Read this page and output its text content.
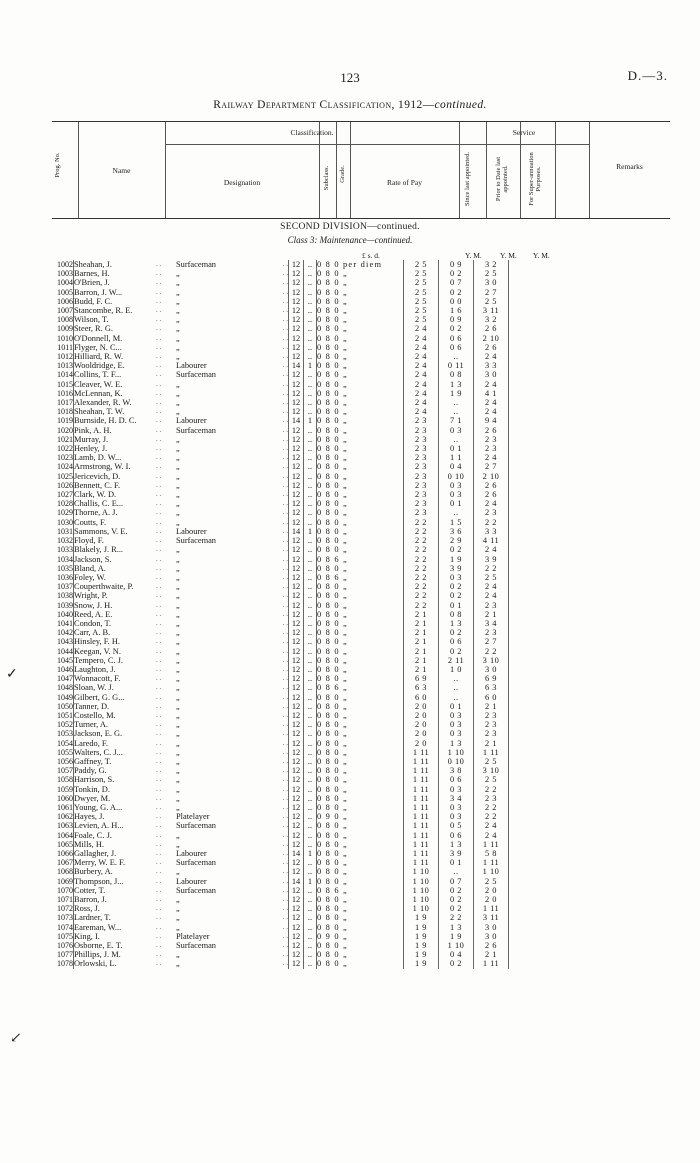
123	D.—3.
Railway Department Classification, 1912—continued.
Prog. No.	Name
Classification.
Designation	Subclass. Grade.	Rate of Pay
Service
Since last appointed.	Prior to Date last appointed.	For Super-annuation Purposes.	Remarks
SECOND DIVISION—continued.
Class 3: Maintenance—continued.
£ s. d.	Y. M. Y. M. Y. M.
1002	Sheahan, J.	. .	Surfaceman	. .	12	..	0 8 0 per diem	2 5	0 9	3 2	
1003	Barnes, H.	. .	„	. .	12	..	0 8 0 „	2 5	0 2	2 5	
1004	O'Brien, J.	. .	„	. .	12	..	0 8 0 „	2 5	0 7	3 0	
1005	Barron, J. W...	. .	„	. .	12	..	0 8 0 „	2 5	0 2	2 7	
1006	Budd, F. C.	. .	„	. .	12	..	0 8 0 „	2 5	0 0	2 5	
1007	Stancombe, R. E.	. .	„	. .	12	..	0 8 0 „	2 5	1 6	3 11	
1008	Wilson, T.	. .	„	. .	12	..	0 8 0 „	2 5	0 9	3 2	
1009	Steer, R. G.	. .	„	. .	12	..	0 8 0 „	2 4	0 2	2 6	
1010	O'Donnell, M.	. .	„	. .	12	..	0 8 0 „	2 4	0 6	2 10	
1011	Flyger, N. C...	. .	„	. .	12	..	0 8 0 „	2 4	0 6	2 6	
1012	Hilliard, R. W.	. .	„	. .	12	..	0 8 0 „	2 4	..	2 4	
1013	Wooldridge, E.	. .	Labourer	. .	14	1	0 8 0 „	2 4	0 11	3 3	
1014	Collins, T. F...	. .	Surfaceman	. .	12	..	0 8 0 „	2 4	0 8	3 0	
1015	Cleaver, W. E.	. .	„	. .	12	..	0 8 0 „	2 4	1 3	2 4	
1016	McLennan, K.	. .	„	. .	12	..	0 8 0 „	2 4	1 9	4 1	
1017	Alexander, R. W.	. .	„	. .	12	..	0 8 0 „	2 4	..	2 4	
1018	Sheahan, T. W.	. .	„	. .	12	..	0 8 0 „	2 4	..	2 4	
1019	Burnside, H. D. C.	. .	Labourer	. .	14	1	0 8 0 „	2 3	7 1	9 4	
1020	Pink, A. H.	. .	Surfaceman	. .	12	..	0 8 0 „	2 3	0 3	2 6	
1021	Murray, J.	. .	„	. .	12	..	0 8 0 „	2 3	..	2 3	
1022	Henley, J.	. .	„	. .	12	..	0 8 0 „	2 3	0 1	2 3	
1023	Lamb, D. W...	. .	„	. .	12	..	0 8 0 „	2 3	1 1	2 4	
1024	Armstrong, W. I.	. .	„	. .	12	..	0 8 0 „	2 3	0 4	2 7	
1025	Jericevich, D.	. .	„	. .	12	..	0 8 0 „	2 3	0 10	2 10	
1026	Bennett, C. F.	. .	„	. .	12	..	0 8 0 „	2 3	0 3	2 6	
1027	Clark, W. D.	. .	„	. .	12	..	0 8 0 „	2 3	0 3	2 6	
1028	Challis, C. E...	. .	„	. .	12	..	0 8 0 „	2 3	0 1	2 4	
1029	Thorne, A. J.	. .	„	. .	12	..	0 8 0 „	2 3	..	2 3	
1030	Coutts, F.	. .	„	. .	12	..	0 8 0 „	2 2	1 5	2 2	
1031	Sammons, V. E.	. .	Labourer	. .	14	1	0 8 0 „	2 2	3 6	3 3	
1032	Floyd, F.	. .	Surfaceman	. .	12	..	0 8 0 „	2 2	2 9	4 11	
1033	Blakely, J. R...	. .	„	. .	12	..	0 8 0 „	2 2	0 2	2 4	
1034	Jackson, S.	. .	„	. .	12	..	0 8 6 „	2 2	1 9	3 9	
1035	Bland, A.	. .	„	. .	12	..	0 8 0 „	2 2	3 9	2 2	
1036	Foley, W.	. .	„	. .	12	..	0 8 6 „	2 2	0 3	2 5	
1037	Couperthwaite, P.	. .	„	. .	12	..	0 8 0 „	2 2	0 2	2 4	
1038	Wright, P.	. .	„	. .	12	..	0 8 0 „	2 2	0 2	2 4	
1039	Snow, J. H.	. .	„	. .	12	..	0 8 0 „	2 2	0 1	2 3	
1040	Reed, A. E.	. .	„	. .	12	..	0 8 0 „	2 1	0 8	2 1	
1041	Condon, T.	. .	„	. .	12	..	0 8 0 „	2 1	1 3	3 4	
1042	Carr, A. B.	. .	„	. .	12	..	0 8 0 „	2 1	0 2	2 3	
1043	Hinsley, F. H.	. .	„	. .	12	..	0 8 0 „	2 1	0 6	2 7	
1044	Keegan, V. N.	. .	„	. .	12	..	0 8 0 „	2 1	0 2	2 2	
1045	Tempero, C. J.	. .	„	. .	12	..	0 8 0 „	2 1	2 11	3 10	
1046	Laughton, J.	. .	„	. .	12	..	0 8 0 „	2 1	1 0	3 0	
1047	Wonnacott, F.	. .	„	. .	12	..	0 8 0 „	6 9	..	6 9	
1048	Sloan, W. J.	. .	„	. .	12	..	0 8 6 „	6 3	..	6 3	
1049	Gilbert, G. G...	. .	„	. .	12	..	0 8 0 „	6 0	..	6 0	
1050	Tanner, D.	. .	„	. .	12	..	0 8 0 „	2 0	0 1	2 1	
1051	Costello, M.	. .	„	. .	12	..	0 8 0 „	2 0	0 3	2 3	
1052	Turner, A.	. .	„	. .	12	..	0 8 0 „	2 0	0 3	2 3	
1053	Jackson, E. G.	. .	„	. .	12	..	0 8 0 „	2 0	0 3	2 3	
1054	Laredo, F.	. .	„	. .	12	..	0 8 0 „	2 0	1 3	2 1	
1055	Walters, C. J...	. .	„	. .	12	..	0 8 0 „	1 11	1 10	1 11	
1056	Gaffney, T.	. .	„	. .	12	..	0 8 0 „	1 11	0 10	2 5	
1057	Paddy, G.	. .	„	. .	12	..	0 8 0 „	1 11	3 8	3 10	
1058	Harrison, S.	. .	„	. .	12	..	0 8 0 „	1 11	0 6	2 5	
1059	Tonkin, D.	. .	„	. .	12	..	0 8 0 „	1 11	0 3	2 2	
1060	Dwyer, M.	. .	„	. .	12	..	0 8 0 „	1 11	3 4	2 3	
1061	Young, G. A...	. .	„	. .	12	..	0 8 0 „	1 11	0 3	2 2	
1062	Hayes, J.	. .	Platelayer	. .	12	..	0 9 0 „	1 11	0 3	2 2	
1063	Levien, A. H...	. .	Surfaceman	. .	12	..	0 8 0 „	1 11	0 5	2 4	
1064	Foale, C. J.	. .	„	. .	12	..	0 8 0 „	1 11	0 6	2 4	
1065	Mills, H.	. .	„	. .	12	..	0 8 0 „	1 11	1 3	1 11	
1066	Gallagher, J.	. .	Labourer	. .	14	1	0 8 0 „	1 11	3 9	5 8	
1067	Merry, W. E. F.	. .	Surfaceman	. .	12	..	0 8 0 „	1 11	0 1	1 11	
1068	Burbery, A.	. .	„	. .	12	..	0 8 0 „	1 10	..	1 10	
1069	Thompson, J...	. .	Labourer	. .	14	1	0 8 0 „	1 10	0 7	2 5	
1070	Cotter, T.	. .	Surfaceman	. .	12	..	0 8 6 „	1 10	0 2	2 0	
1071	Barron, J.	. .	„	. .	12	..	0 8 0 „	1 10	0 2	2 0	
1072	Ross, J.	. .	„	. .	12	..	0 8 0 „	1 10	0 2	1 11	
1073	Lardner, T.	. .	„	. .	12	..	0 8 0 „	1 9	2 2	3 11	
1074	Eareman, W...	. .	„	. .	12	..	0 8 0 „	1 9	1 3	3 0	
1075	King, I.	. .	Platelayer	. .	12	..	0 9 0 „	1 9	1 9	3 0	
1076	Osborne, E. T.	. .	Surfaceman	. .	12	..	0 8 0 „	1 9	1 10	2 6	
1077	Phillips, J. M.	. .	„	. .	12	..	0 8 0 „	1 9	0 4	2 1	
1078	Orlowski, L.	. .	„	. .	12	..	0 8 0 „	1 9	0 2	1 11	
✓
↙
